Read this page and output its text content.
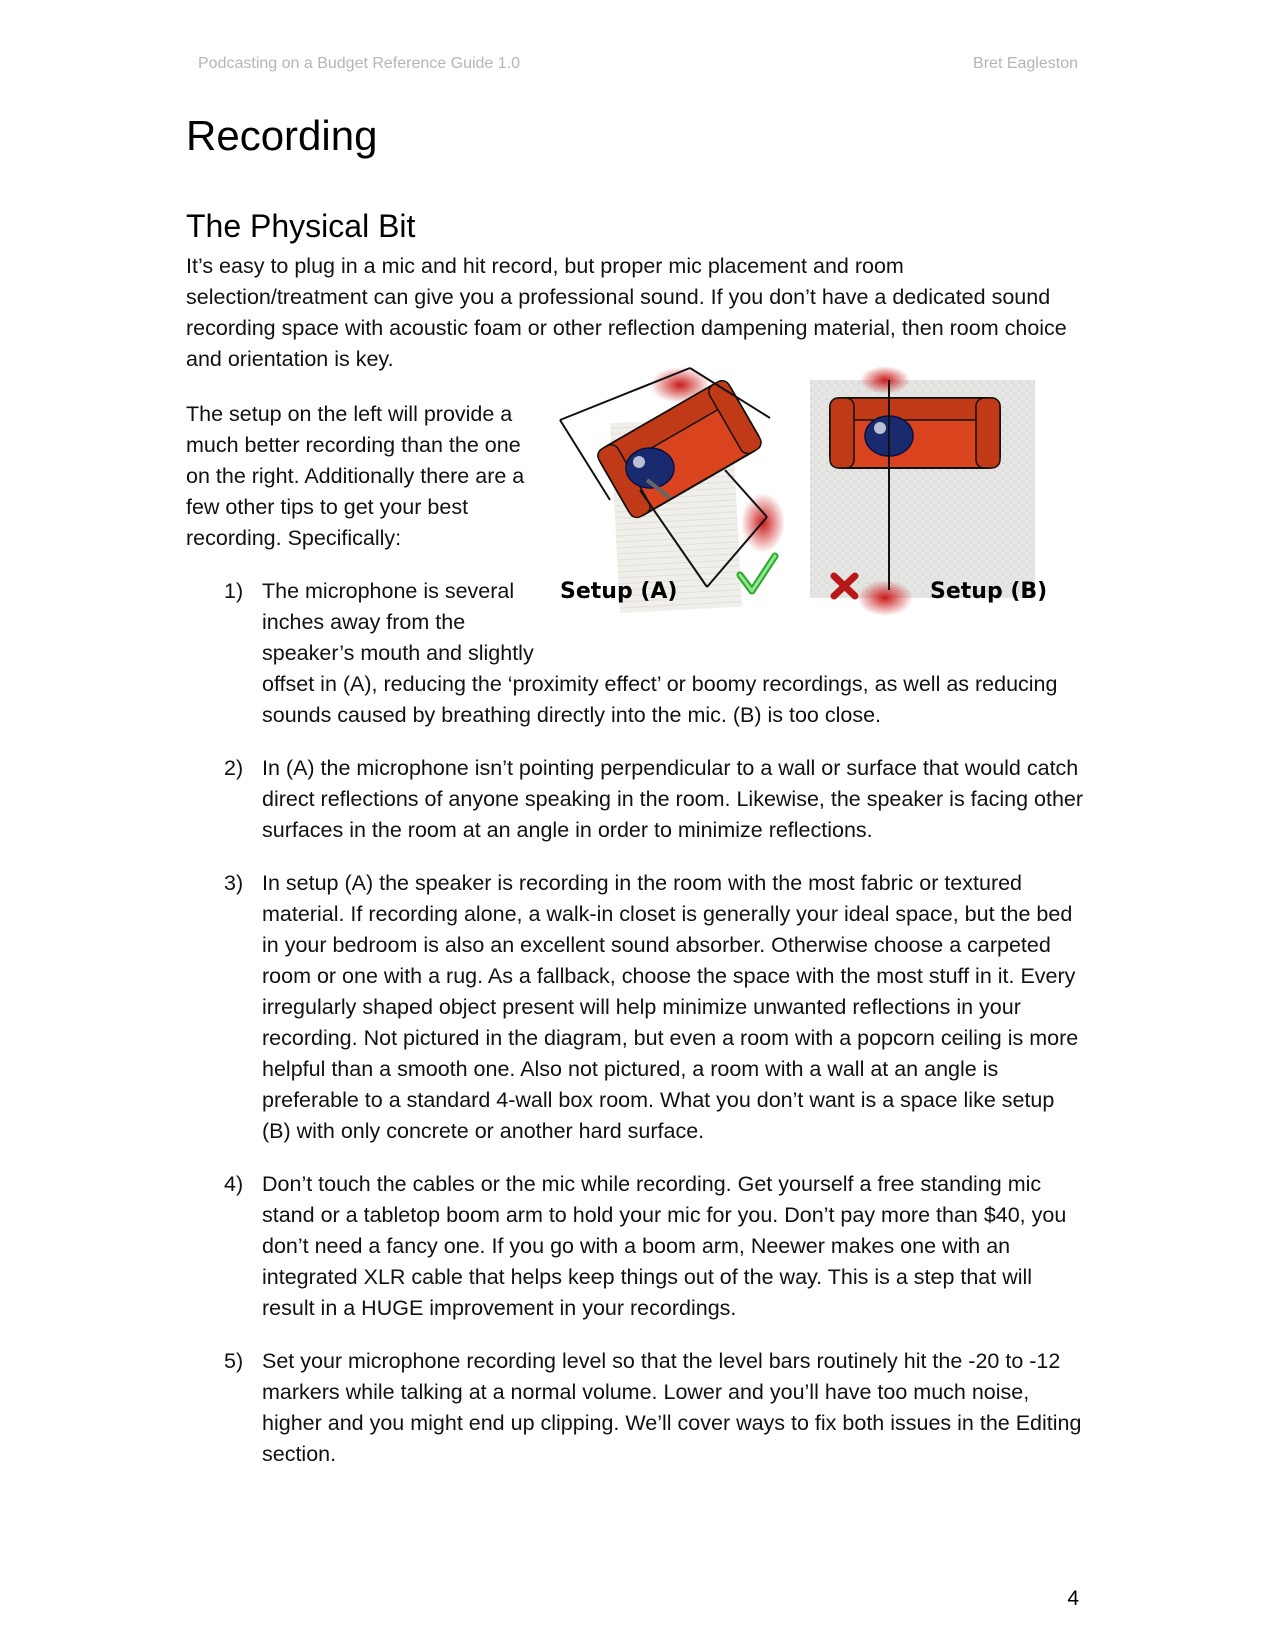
Podcasting on a Budget Reference Guide 1.0	Bret Eagleston
Recording
The Physical Bit

It’s easy to plug in a mic and hit record, but proper mic placement and room selection/treatment can give you a professional sound. If you don’t have a dedicated sound recording space with acoustic foam or other reflection dampening material, then room choice and orientation is key.

The setup on the left will provide a much better recording than the one on the right. Additionally there are a few other tips to get your best recording. Specifically:

Setup (A)	Setup (B)
1) The microphone is several inches away from the speaker’s mouth and slightly
offset in (A), reducing the ‘proximity effect’ or boomy recordings, as well as reducing sounds caused by breathing directly into the mic. (B) is too close.
2) In (A) the microphone isn’t pointing perpendicular to a wall or surface that would catch direct reflections of anyone speaking in the room. Likewise, the speaker is facing other surfaces in the room at an angle in order to minimize reflections.
3) In setup (A) the speaker is recording in the room with the most fabric or textured material. If recording alone, a walk-in closet is generally your ideal space, but the bed in your bedroom is also an excellent sound absorber. Otherwise choose a carpeted room or one with a rug. As a fallback, choose the space with the most stuff in it. Every irregularly shaped object present will help minimize unwanted reflections in your recording. Not pictured in the diagram, but even a room with a popcorn ceiling is more helpful than a smooth one. Also not pictured, a room with a wall at an angle is preferable to a standard 4-wall box room. What you don’t want is a space like setup (B) with only concrete or another hard surface.
4) Don’t touch the cables or the mic while recording. Get yourself a free standing mic stand or a tabletop boom arm to hold your mic for you. Don’t pay more than $40, you don’t need a fancy one. If you go with a boom arm, Neewer makes one with an integrated XLR cable that helps keep things out of the way. This is a step that will result in a HUGE improvement in your recordings.
5) Set your microphone recording level so that the level bars routinely hit the -20 to -12 markers while talking at a normal volume. Lower and you’ll have too much noise, higher and you might end up clipping. We’ll cover ways to fix both issues in the Editing section.
4
